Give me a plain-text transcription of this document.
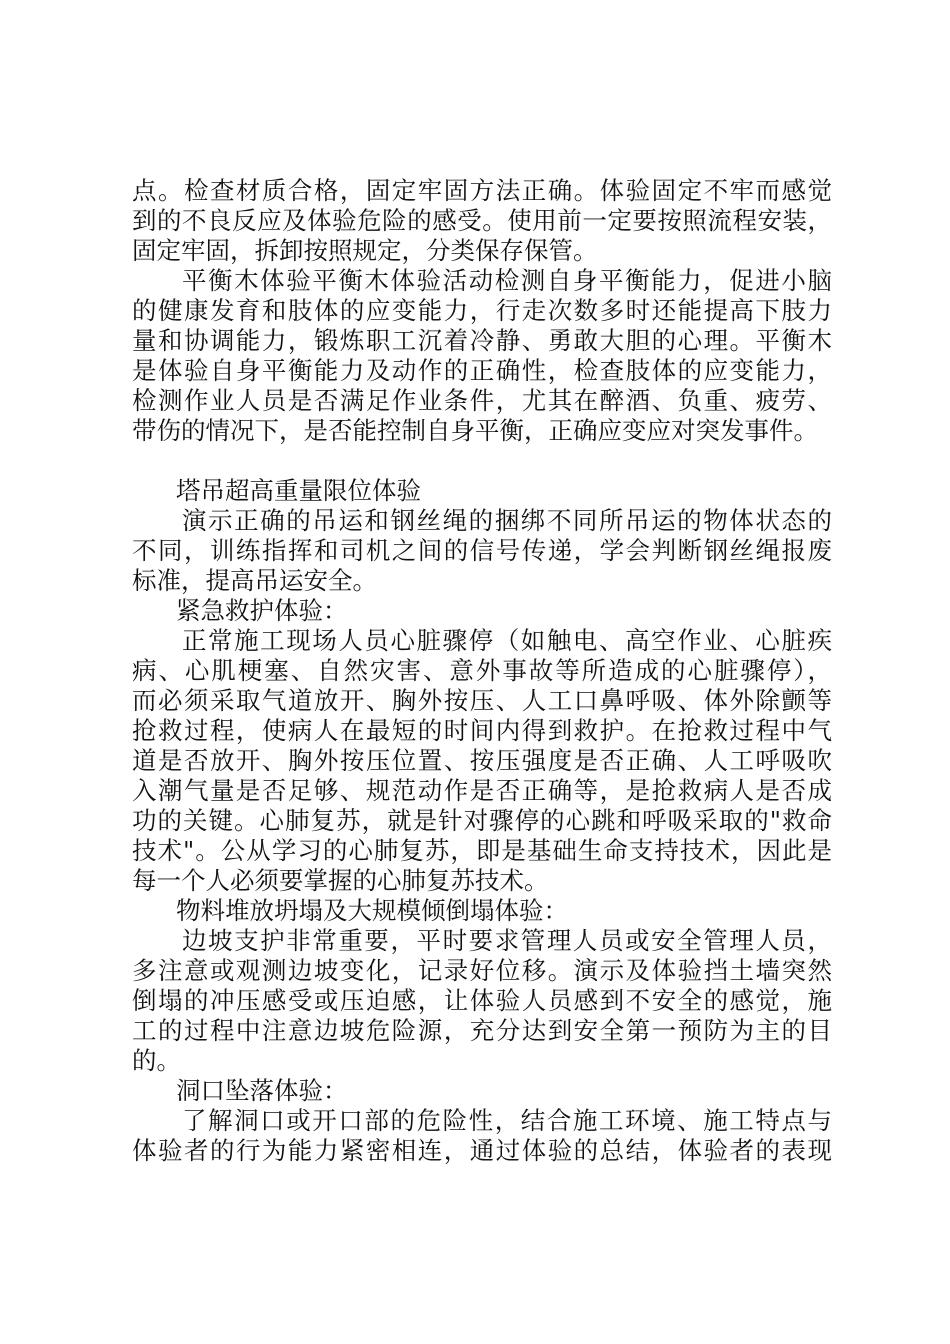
点。检查材质合格，固定牢固方法正确。体验固定不牢而感觉
到的不良反应及体验危险的感受。使用前一定要按照流程安装，
固定牢固，拆卸按照规定，分类保存保管。
平衡木体验平衡木体验活动检测自身平衡能力，促进小脑
的健康发育和肢体的应变能力，行走次数多时还能提高下肢力
量和协调能力，锻炼职工沉着冷静、勇敢大胆的心理。平衡木
是体验自身平衡能力及动作的正确性，检查肢体的应变能力，
检测作业人员是否满足作业条件，尤其在醉酒、负重、疲劳、
带伤的情况下，是否能控制自身平衡，正确应变应对突发事件。
塔吊超高重量限位体验
演示正确的吊运和钢丝绳的捆绑不同所吊运的物体状态的
不同，训练指挥和司机之间的信号传递，学会判断钢丝绳报废
标准，提高吊运安全。
紧急救护体验：
正常施工现场人员心脏骤停（如触电、高空作业、心脏疾
病、心肌梗塞、自然灾害、意外事故等所造成的心脏骤停），
而必须采取气道放开、胸外按压、人工口鼻呼吸、体外除颤等
抢救过程，使病人在最短的时间内得到救护。在抢救过程中气
道是否放开、胸外按压位置、按压强度是否正确、人工呼吸吹
入潮气量是否足够、规范动作是否正确等，是抢救病人是否成
功的关键。心肺复苏，就是针对骤停的心跳和呼吸采取的"救命
技术"。公从学习的心肺复苏，即是基础生命支持技术，因此是
每一个人必须要掌握的心肺复苏技术。
物料堆放坍塌及大规模倾倒塌体验：
边坡支护非常重要，平时要求管理人员或安全管理人员，
多注意或观测边坡变化，记录好位移。演示及体验挡土墙突然
倒塌的冲压感受或压迫感，让体验人员感到不安全的感觉，施
工的过程中注意边坡危险源，充分达到安全第一预防为主的目
的。
洞口坠落体验：
了解洞口或开口部的危险性，结合施工环境、施工特点与
体验者的行为能力紧密相连，通过体验的总结，体验者的表现
